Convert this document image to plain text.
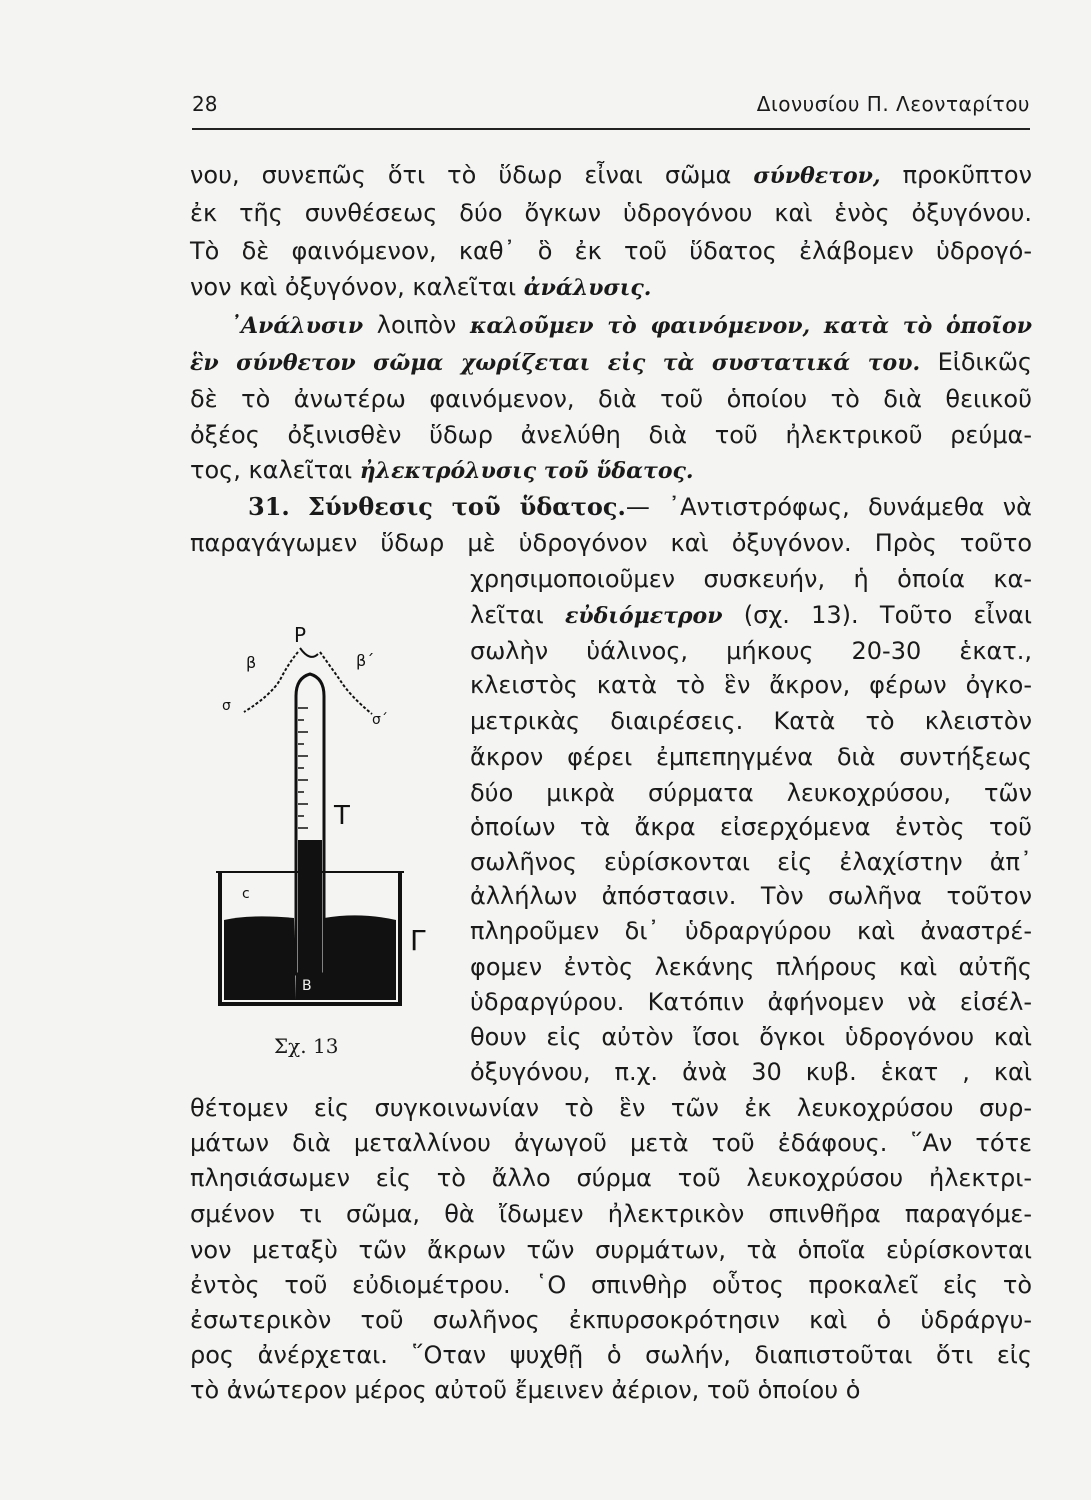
28	Διονυσίου Π. Λεονταρίτου
νου, συνεπῶς ὅτι τὸ ὕδωρ εἶναι σῶμα σύνθετον, προκῦπτον
ἐκ τῆς συνθέσεως δύο ὄγκων ὑδρογόνου καὶ ἑνὸς ὀξυγόνου.
Τὸ δὲ φαινόμενον, καθ᾽ ὃ ἐκ τοῦ ὕδατος ἐλάβομεν ὑδρογό-
νον καὶ ὀξυγόνον, καλεῖται ἀνάλυσις.
᾽Ανάλυσιν λοιπὸν καλοῦμεν τὸ φαινόμενον, κατὰ τὸ ὁποῖον
ἓν σύνθετον σῶμα χωρίζεται εἰς τὰ συστατικά του. Εἰδικῶς
δὲ τὸ ἀνωτέρω φαινόμενον, διὰ τοῦ ὁποίου τὸ διὰ θειικοῦ
ὀξέος ὀξινισθὲν ὕδωρ ἀνελύθη διὰ τοῦ ἠλεκτρικοῦ ρεύμα-
τος, καλεῖται ἠλεκτρόλυσις τοῦ ὕδατος.
31. Σύνθεσις τοῦ ὕδατος.— ᾽Αντιστρόφως, δυνάμεθα νὰ
παραγάγωμεν ὕδωρ μὲ ὑδρογόνον καὶ ὀξυγόνον. Πρὸς τοῦτο
χρησιμοποιοῦμεν συσκευήν, ἡ ὁποία κα-
λεῖται εὐδιόμετρον (σχ. 13). Τοῦτο εἶναι
σωλὴν ὑάλινος, μήκους 20-30 ἑκατ.,
κλειστὸς κατὰ τὸ ἓν ἄκρον, φέρων ὀγκο-
μετρικὰς διαιρέσεις. Κατὰ τὸ κλειστὸν
ἄκρον φέρει ἐμπεπηγμένα διὰ συντήξεως
δύο μικρὰ σύρματα λευκοχρύσου, τῶν
ὁποίων τὰ ἄκρα εἰσερχόμενα ἐντὸς τοῦ
σωλῆνος εὑρίσκονται εἰς ἐλαχίστην ἀπ᾽
ἀλλήλων ἀπόστασιν. Τὸν σωλῆνα τοῦτον
πληροῦμεν δι᾽ ὑδραργύρου καὶ ἀναστρέ-
φομεν ἐντὸς λεκάνης πλήρους καὶ αὐτῆς
ὑδραργύρου. Κατόπιν ἀφήνομεν νὰ εἰσέλ-
θουν εἰς αὐτὸν ἴσοι ὄγκοι ὑδρογόνου καὶ
ὀξυγόνου, π.χ. ἀνὰ 30 κυβ. ἑκατ , καὶ
θέτομεν εἰς συγκοινωνίαν τὸ ἓν τῶν ἐκ λευκοχρύσου συρ-
μάτων διὰ μεταλλίνου ἀγωγοῦ μετὰ τοῦ ἐδάφους. ῞Αν τότε
πλησιάσωμεν εἰς τὸ ἄλλο σύρμα τοῦ λευκοχρύσου ἠλεκτρι-
σμένον τι σῶμα, θὰ ἴδωμεν ἠλεκτρικὸν σπινθῆρα παραγόμε-
νον μεταξὺ τῶν ἄκρων τῶν συρμάτων, τὰ ὁποῖα εὑρίσκονται
ἐντὸς τοῦ εὐδιομέτρου. ῾Ο σπινθὴρ οὗτος προκαλεῖ εἰς τὸ
ἐσωτερικὸν τοῦ σωλῆνος ἐκπυρσοκρότησιν καὶ ὁ ὑδράργυ-
ρος ἀνέρχεται. ῞Οταν ψυχθῇ ὁ σωλήν, διαπιστοῦται ὅτι εἰς
τὸ ἀνώτερον μέρος αὐτοῦ ἔμεινεν ἀέριον, τοῦ ὁποίου ὁ
P
β	β΄
σ
σ΄
T
B
c
Γ
Σχ. 13
